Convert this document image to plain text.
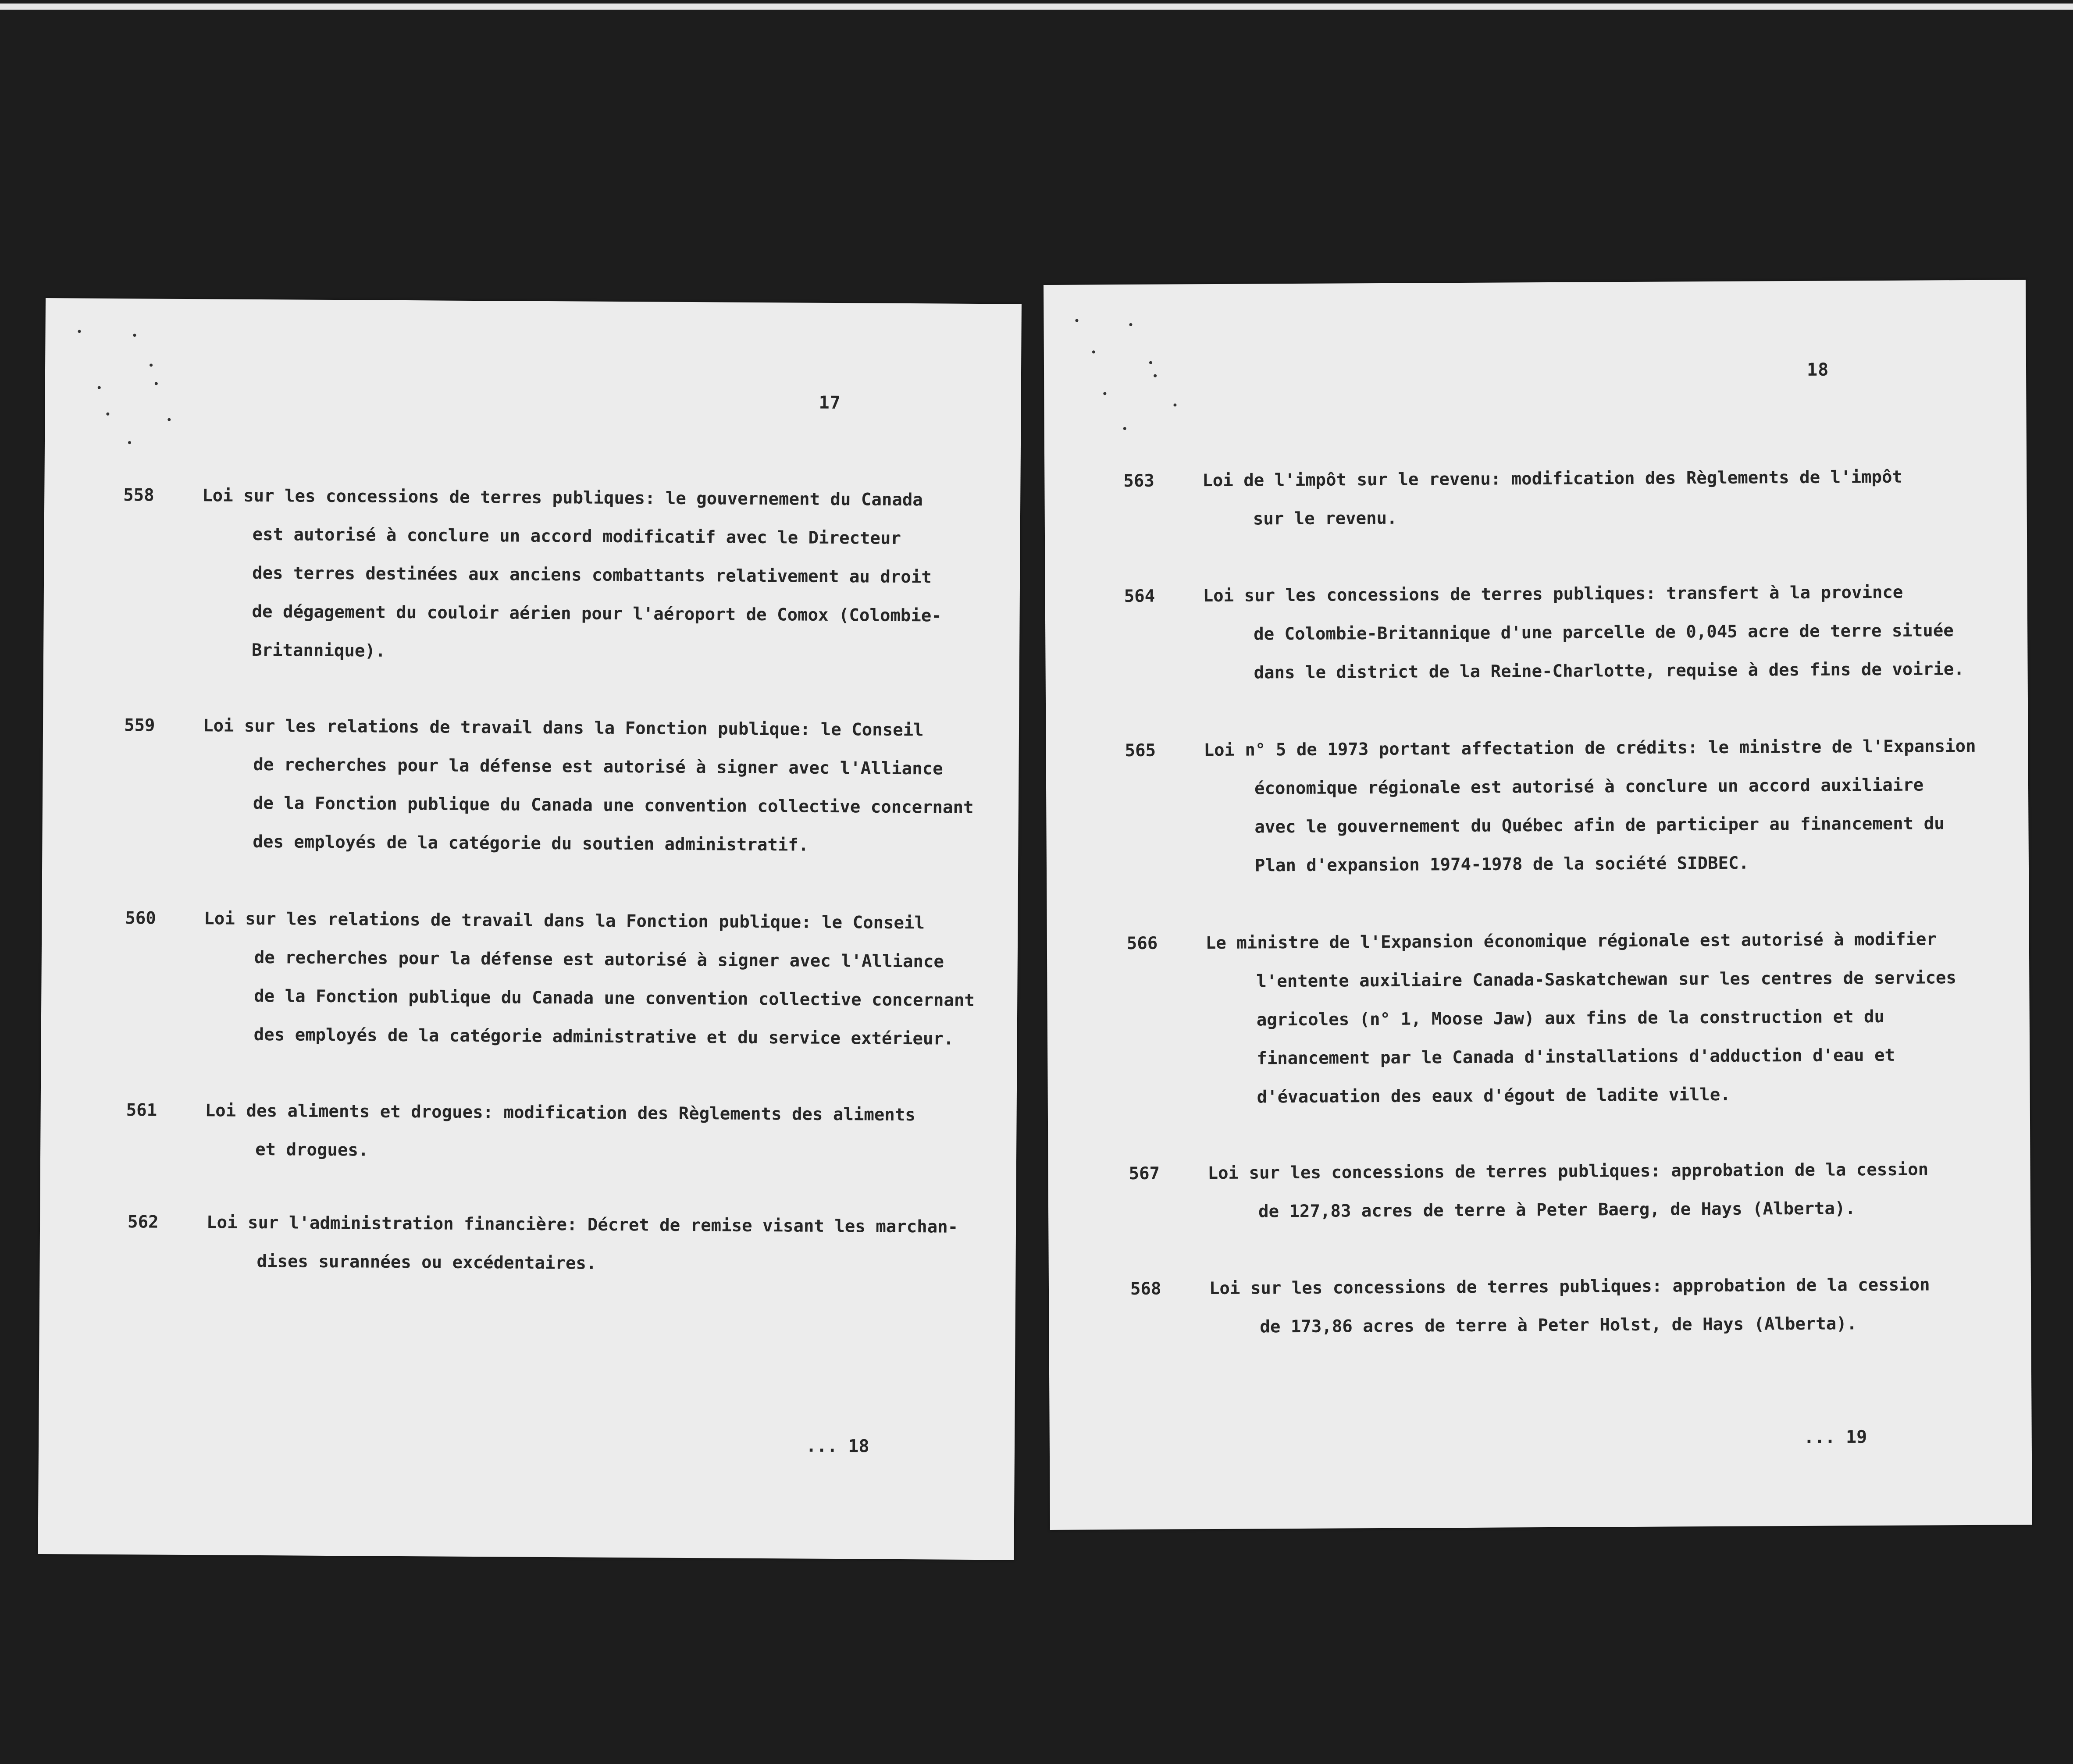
17
558	Loi sur les concessions de terres publiques: le gouvernement du Canada
est autorisé à conclure un accord modificatif avec le Directeur
des terres destinées aux anciens combattants relativement au droit
de dégagement du couloir aérien pour l'aéroport de Comox (Colombie-
Britannique).
559	Loi sur les relations de travail dans la Fonction publique: le Conseil
de recherches pour la défense est autorisé à signer avec l'Alliance
de la Fonction publique du Canada une convention collective concernant
des employés de la catégorie du soutien administratif.
560	Loi sur les relations de travail dans la Fonction publique: le Conseil
de recherches pour la défense est autorisé à signer avec l'Alliance
de la Fonction publique du Canada une convention collective concernant
des employés de la catégorie administrative et du service extérieur.
561	Loi des aliments et drogues: modification des Règlements des aliments
et drogues.
562	Loi sur l'administration financière: Décret de remise visant les marchan-
dises surannées ou excédentaires.
... 18
18
563	Loi de l'impôt sur le revenu: modification des Règlements de l'impôt
sur le revenu.
564	Loi sur les concessions de terres publiques: transfert à la province
de Colombie-Britannique d'une parcelle de 0,045 acre de terre située
dans le district de la Reine-Charlotte, requise à des fins de voirie.
565	Loi n° 5 de 1973 portant affectation de crédits: le ministre de l'Expansion
économique régionale est autorisé à conclure un accord auxiliaire
avec le gouvernement du Québec afin de participer au financement du
Plan d'expansion 1974-1978 de la société SIDBEC.
566	Le ministre de l'Expansion économique régionale est autorisé à modifier
l'entente auxiliaire Canada-Saskatchewan sur les centres de services
agricoles (n° 1, Moose Jaw) aux fins de la construction et du
financement par le Canada d'installations d'adduction d'eau et
d'évacuation des eaux d'égout de ladite ville.
567	Loi sur les concessions de terres publiques: approbation de la cession
de 127,83 acres de terre à Peter Baerg, de Hays (Alberta).
568	Loi sur les concessions de terres publiques: approbation de la cession
de 173,86 acres de terre à Peter Holst, de Hays (Alberta).
... 19
